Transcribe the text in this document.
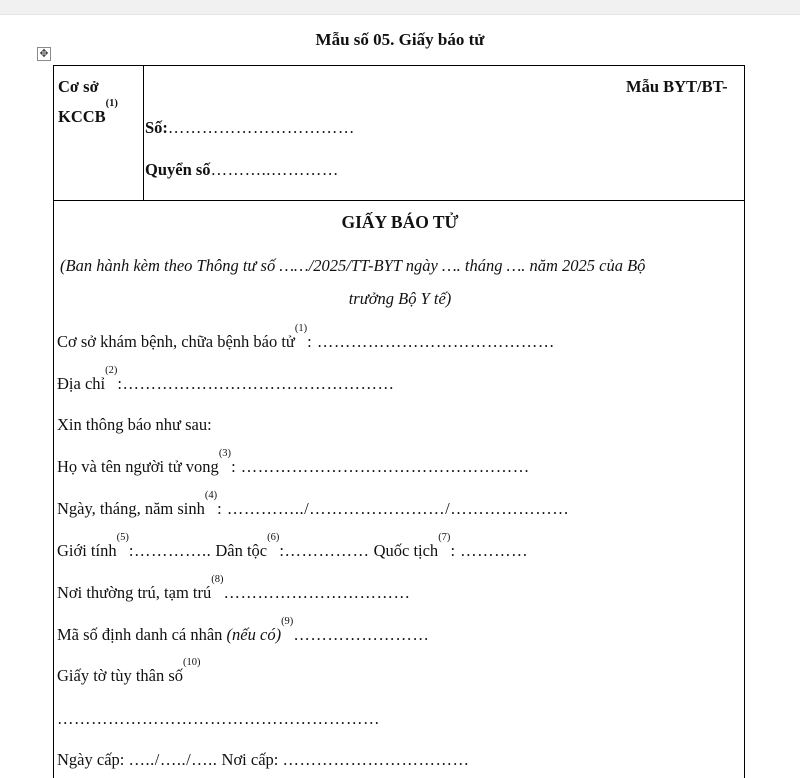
✥
Mẫu số 05. Giấy báo tử
Cơ sở
KCCB$^{(1)}$
Mẫu BYT/BT-
Số:……………………………
Quyển số………..…………
GIẤY BÁO TỬ
(Ban hành kèm theo Thông tư số ……/2025/TT-BYT ngày …. tháng …. năm 2025 của Bộ
trưởng Bộ Y tế)
Cơ sở khám bệnh, chữa bệnh báo tử$^{(1)}$: ……………………………………
Địa chỉ$^{(2)}$:…………………………………………
Xin thông báo như sau:
Họ và tên người tử vong$^{(3)}$: ……………………………………………
Ngày, tháng, năm $\sinh^{(4)}$: …………../……………………/…………………
Giới tính$^{(5)}$:………….. Dân tộc$^{(6)}$:…………… Quốc tịch$^{(7)}$: …………
Nơi thường trú, tạm trú$^{(8)}$……………………………
Mã số định danh cá nhân (nếu có)$^{(9)}$……………………
Giấy tờ tùy thân số$^{(10)}$
…………………………………………………
Ngày cấp: …../…../….. Nơi cấp: ……………………………
